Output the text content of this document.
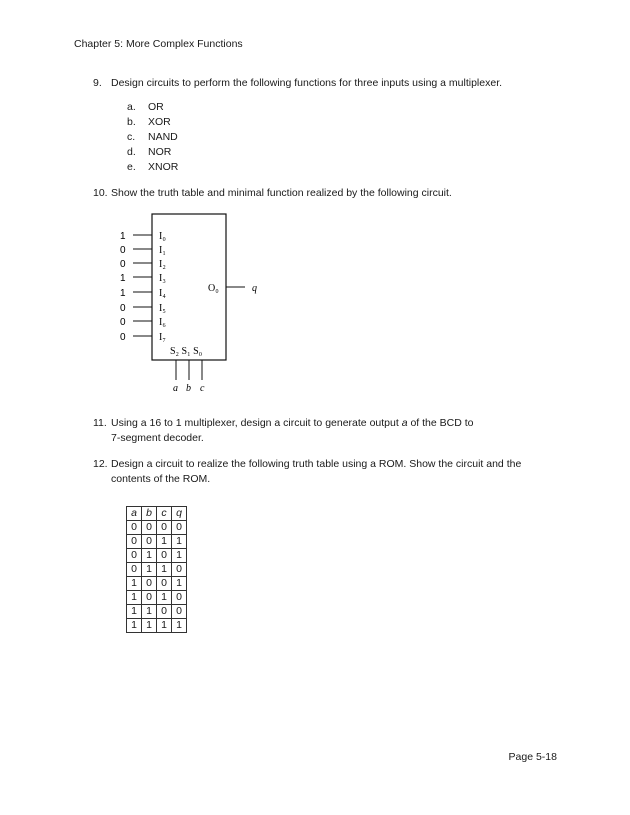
Chapter 5: More Complex Functions
9. Design circuits to perform the following functions for three inputs using a multiplexer.
a. OR
b. XOR
c. NAND
d. NOR
e. XNOR
10. Show the truth table and minimal function realized by the following circuit.
1	I₀
0	I₁
0	I₂
1	I₃
1	I₄
0	I₅
0	I₆
0	I₇
O₀	q
S₂ S₁ S₀
a b c
11. Using a 16 to 1 multiplexer, design a circuit to generate output a of the BCD to
7-segment decoder.
12. Design a circuit to realize the following truth table using a ROM. Show the circuit and the
contents of the ROM.
a	b	c	q
0	0	0	0
0	0	1	1
0	1	0	1
0	1	1	0
1	0	0	1
1	0	1	0
1	1	0	0
1	1	1	1
Page 5-18
